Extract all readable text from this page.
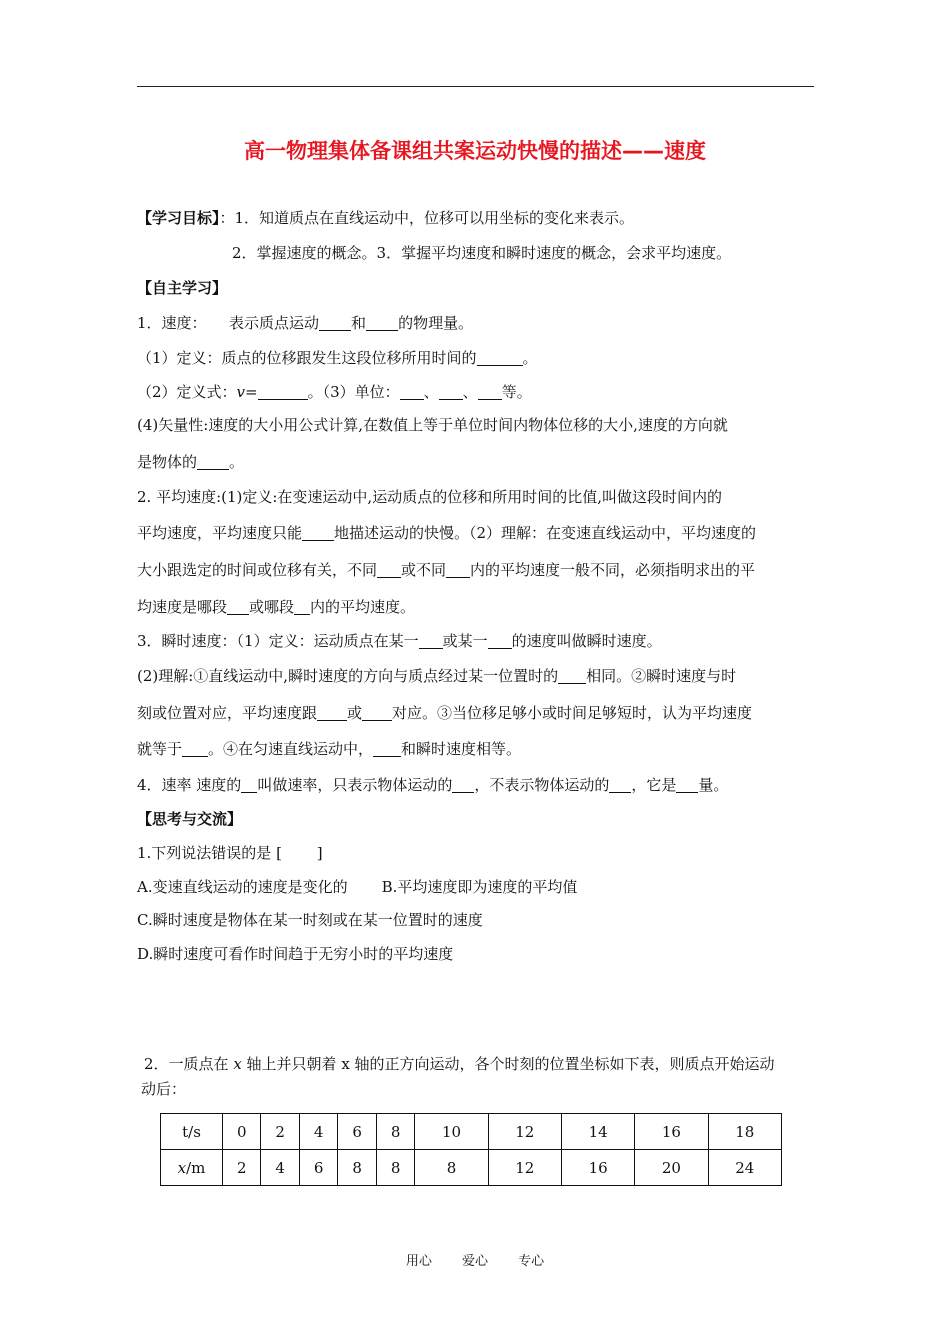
高一物理集体备课组共案运动快慢的描述——速度
【学习目标】：1．知道质点在直线运动中，位移可以用坐标的变化来表示。
2．掌握速度的概念。3．掌握平均速度和瞬时速度的概念，会求平均速度。
【自主学习】
1．速度：　　表示质点运动 和 的物理量。
（1）定义：质点的位移跟发生这段位移所用时间的	。
（2）定义式：v=	。（3）单位： 、 、 等。
(4)矢量性:速度的大小用公式计算,在数值上等于单位时间内物体位移的大小,速度的方向就
是物体的 。
2. 平均速度:(1)定义:在变速运动中,运动质点的位移和所用时间的比值,叫做这段时间内的
平均速度，平均速度只能 地描述运动的快慢。（2）理解：在变速直线运动中，平均速度的
大小跟选定的时间或位移有关，不同 或不同 内的平均速度一般不同，必须指明求出的平
均速度是哪段 或哪段 内的平均速度。
3．瞬时速度：（1）定义：运动质点在某一 或某一 的速度叫做瞬时速度。
(2)理解:①直线运动中,瞬时速度的方向与质点经过某一位置时的 相同。②瞬时速度与时
刻或位置对应，平均速度跟 或 对应。③当位移足够小或时间足够短时，认为平均速度
就等于 。④在匀速直线运动中， 和瞬时速度相等。
4．速率 速度的 叫做速率，只表示物体运动的 ，不表示物体运动的 ，它是 量。
【思考与交流】
1.下列说法错误的是 [　　 ]
A.变速直线运动的速度是变化的 B.平均速度即为速度的平均值
C.瞬时速度是物体在某一时刻或在某一位置时的速度
D.瞬时速度可看作时间趋于无穷小时的平均速度
2．一质点在 x 轴上并只朝着 x 轴的正方向运动，各个时刻的位置坐标如下表，则质点开始运动
动后：
t/s	0	2	4	6	8	10	12	14	16	18
x/m	2	4	6	8	8	8	12	16	20	24
用心 爱心 专心
